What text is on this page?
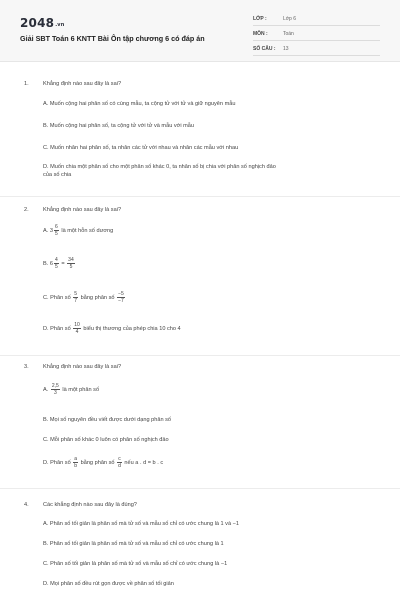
2048.vn
Giải SBT Toán 6 KNTT Bài Ôn tập chương 6 có đáp án
LỚP :	Lớp 6
MÔN :	Toán
SỐ CÂU : 13
1.	Khẳng định nào sau đây là sai?
A. Muốn cộng hai phân số có cùng mẫu, ta cộng tử với tử và giữ nguyên mẫu
B. Muốn cộng hai phân số, ta cộng tử với tử và mẫu với mẫu
C. Muốn nhân hai phân số, ta nhân các tử với nhau và nhân các mẫu với nhau
D. Muốn chia một phân số cho một phân số khác 0, ta nhân số bị chia với phân số nghịch đảo
của số chia
2.	Khẳng định nào sau đây là sai?
A. $3 \frac{6}{5}$ là một hỗn số dương
B. $6 \frac{4}{5} = \frac{34}{5}$
C. Phân số $\frac{5}{7}$ bằng phân số $\frac{-5}{-7}$
D. Phân số $\frac{10}{4}$ biểu thị thương của phép chia 10 cho 4
3.	Khẳng định nào sau đây là sai?
A. $\frac{2,5}{3}$ là một phân số
B. Mọi số nguyên đều viết được dưới dạng phân số
C. Mỗi phân số khác 0 luôn có phân số nghịch đảo
D. Phân số $\frac{a}{b}$ bằng phân số $\frac{c}{d}$ nếu a . d = b . c
4.	Các khẳng định nào sau đây là đúng?
A. Phân số tối giản là phân số mà tử số và mẫu số chỉ có ước chung là 1 và −1
B. Phân số tối giản là phân số mà tử số và mẫu số chỉ có ước chung là 1
C. Phân số tối giản là phân số mà tử số và mẫu số chỉ có ước chung là −1
D. Mọi phân số đều rút gọn được về phân số tối giản
